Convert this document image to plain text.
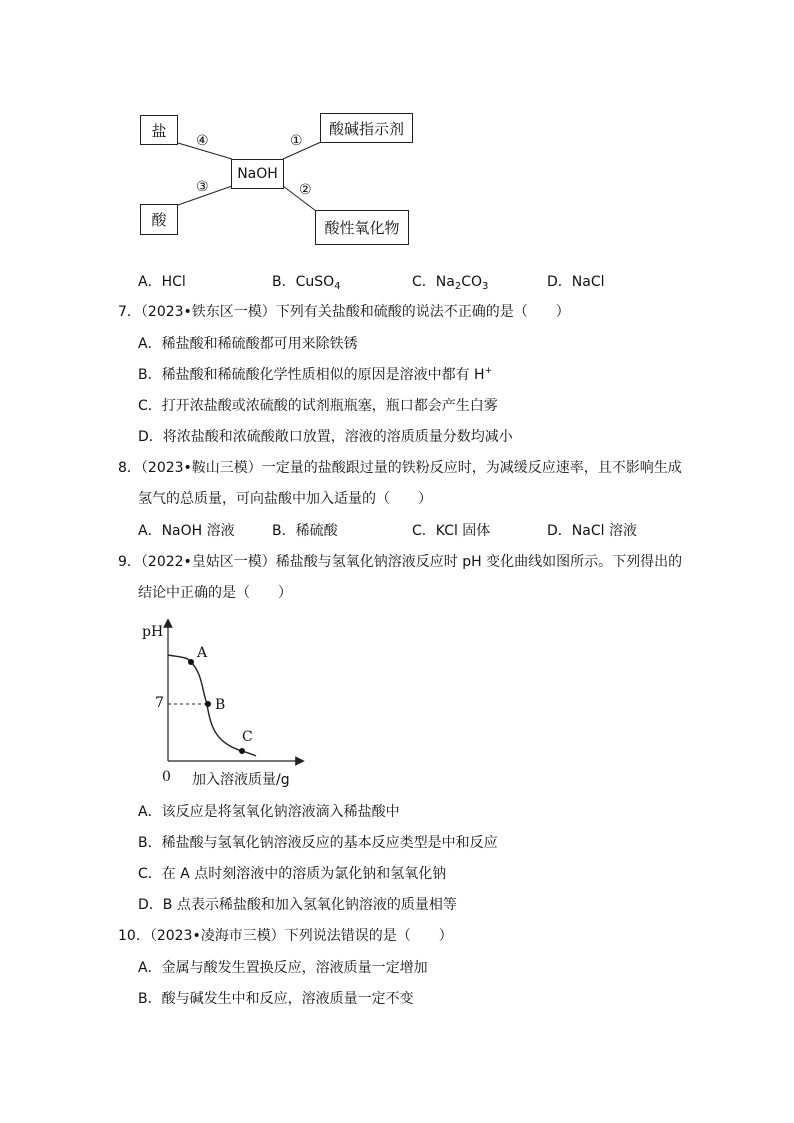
盐
酸
NaOH
酸碱指示剂
酸性氧化物
④	①
③	②
A．HCl	B．CuSO$_4$	C．$Na_2CO_3$	D．NaCl
7．（2023•铁东区一模）下列有关盐酸和硫酸的说法不正确的是（　　）
A．稀盐酸和稀硫酸都可用来除铁锈
B．稀盐酸和稀硫酸化学性质相似的原因是溶液中都有 H+
C．打开浓盐酸或浓硫酸的试剂瓶瓶塞，瓶口都会产生白雾
D．将浓盐酸和浓硫酸敞口放置，溶液的溶质质量分数均减小
8．（2023•鞍山三模）一定量的盐酸跟过量的铁粉反应时，为减缓反应速率，且不影响生成
氢气的总质量，可向盐酸中加入适量的（　　）
A．NaOH 溶液	B．稀硫酸	C．KCl 固体	D．NaCl 溶液
9．（2022•皇姑区一模）稀盐酸与氢氧化钠溶液反应时 pH 变化曲线如图所示。下列得出的
结论中正确的是（　　）
pH
7
A
B
C
0 加入溶液质量/g
A．该反应是将氢氧化钠溶液滴入稀盐酸中
B．稀盐酸与氢氧化钠溶液反应的基本反应类型是中和反应
C．在 A 点时刻溶液中的溶质为氯化钠和氢氧化钠
D．B 点表示稀盐酸和加入氢氧化钠溶液的质量相等
10．（2023•凌海市三模）下列说法错误的是（　　）
A．金属与酸发生置换反应，溶液质量一定增加
B．酸与碱发生中和反应，溶液质量一定不变
